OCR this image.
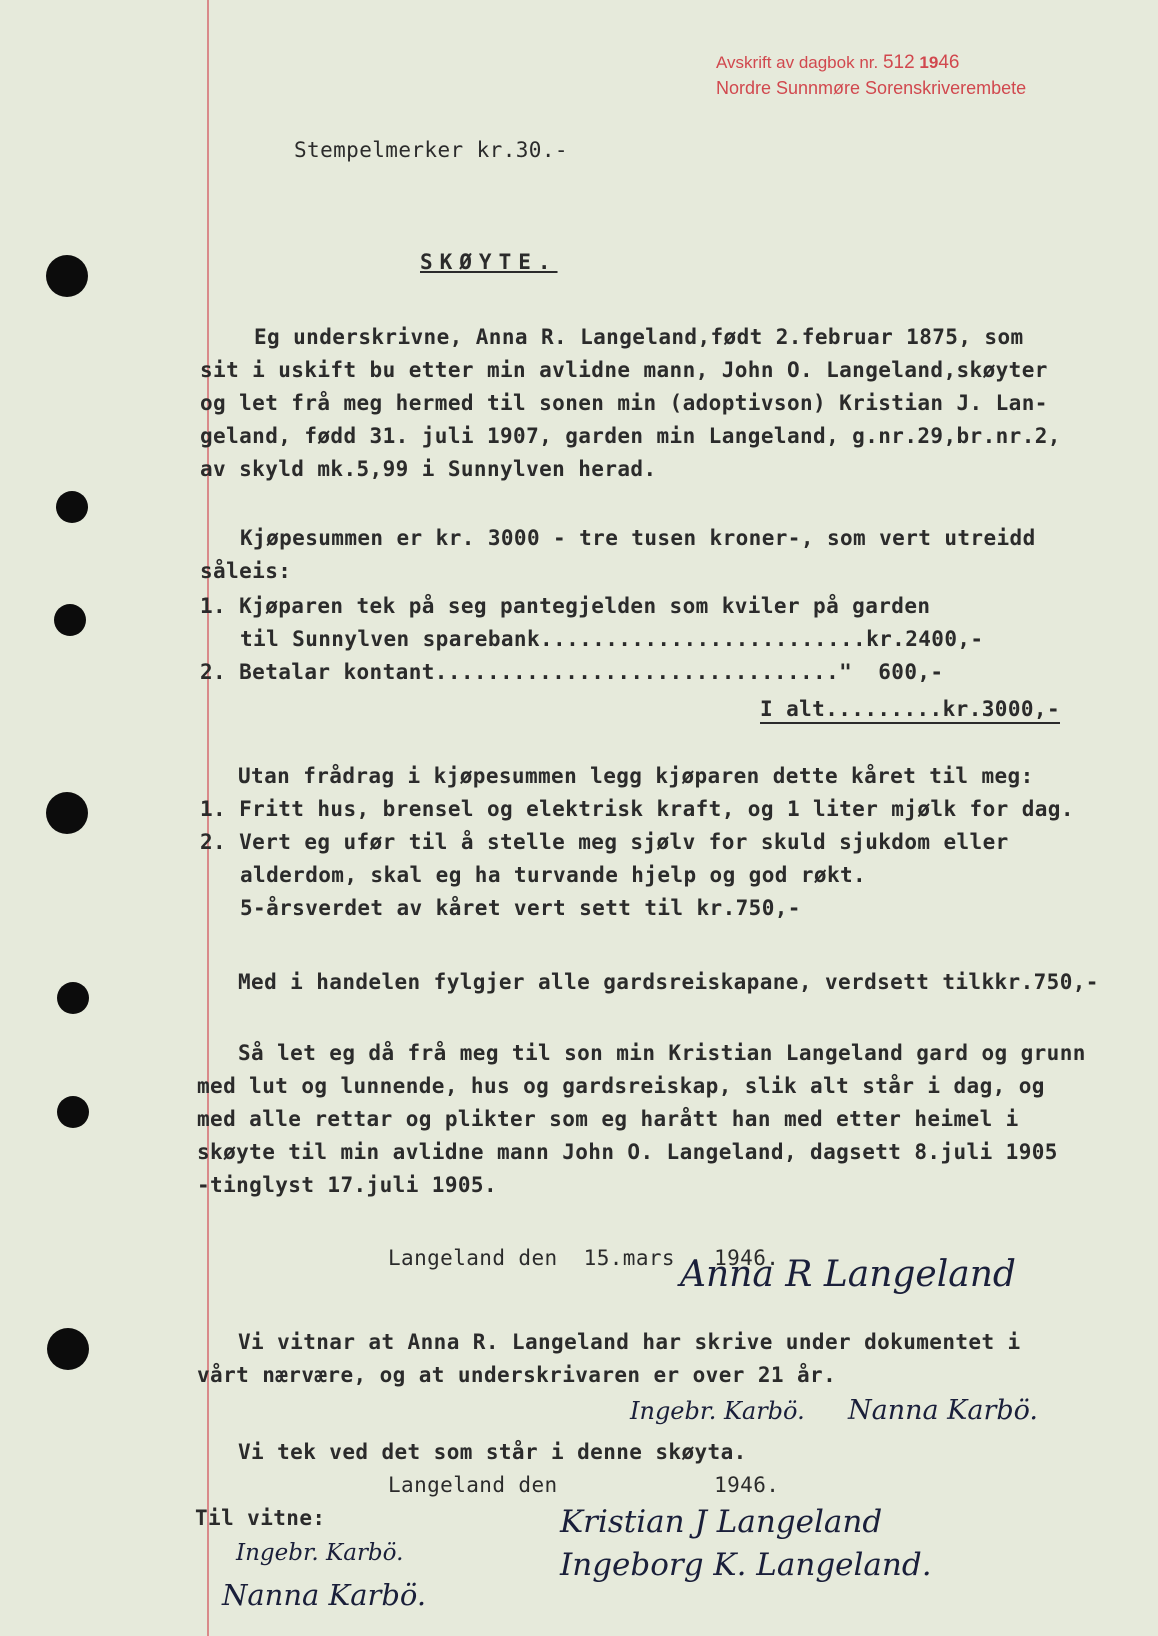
Avskrift av dagbok nr. 512 1946
Nordre Sunnmøre Sorenskriverembete
Stempelmerker kr.30.-
SKØYTE.
Eg underskrivne, Anna R. Langeland,født 2.februar 1875, som
sit i uskift bu etter min avlidne mann, John O. Langeland,skøyter
og let frå meg hermed til sonen min (adoptivson) Kristian J. Lan-
geland, fødd 31. juli 1907, garden min Langeland, g.nr.29,br.nr.2,
av skyld mk.5,99 i Sunnylven herad.
Kjøpesummen er kr. 3000 - tre tusen kroner-, som vert utreidd
såleis:
1. Kjøparen tek på seg pantegjelden som kviler på garden
til Sunnylven sparebank.........................kr.2400,-
2. Betalar kontant..............................."  600,-
I alt.........kr.3000,-
Utan frådrag i kjøpesummen legg kjøparen dette kåret til meg:
1. Fritt hus, brensel og elektrisk kraft, og 1 liter mjølk for dag.
2. Vert eg ufør til å stelle meg sjølv for skuld sjukdom eller
alderdom, skal eg ha turvande hjelp og god røkt.
5-årsverdet av kåret vert sett til kr.750,-
Med i handelen fylgjer alle gardsreiskapane, verdsett tilkkr.750,-
Så let eg då frå meg til son min Kristian Langeland gard og grunn
med lut og lunnende, hus og gardsreiskap, slik alt står i dag, og
med alle rettar og plikter som eg harått han med etter heimel i
skøyte til min avlidne mann John O. Langeland, dagsett 8.juli 1905
-tinglyst 17.juli 1905.
Langeland den  15.mars   1946.
Anna R Langeland
Vi vitnar at Anna R. Langeland har skrive under dokumentet i
vårt nærvære, og at underskrivaren er over 21 år.
Ingebr. Karbö. Nanna Karbö.
Vi tek ved det som står i denne skøyta.
Langeland den            1946.
Til vitne:	Kristian J Langeland
Ingeborg K. Langeland.
Ingebr. Karbö.
Nanna Karbö.
